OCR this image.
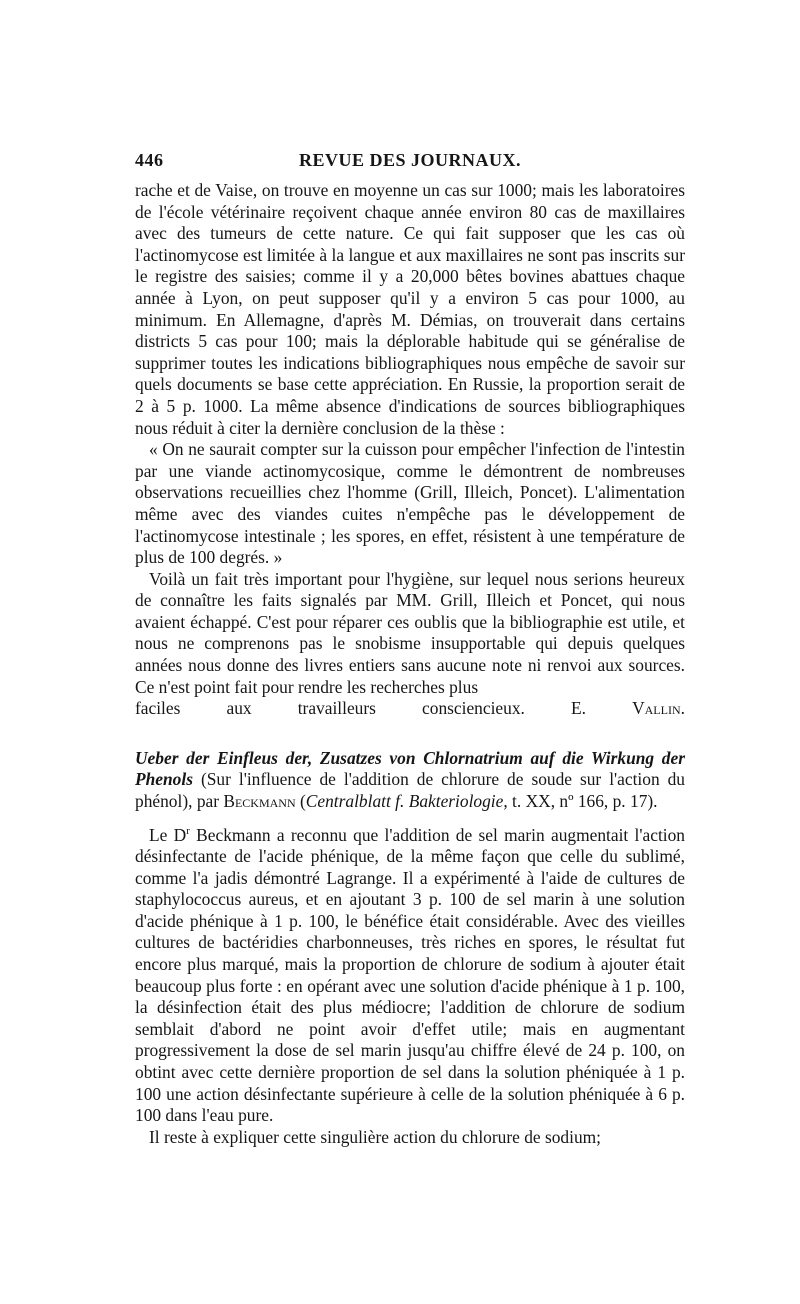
446	REVUE DES JOURNAUX.

rache et de Vaise, on trouve en moyenne un cas sur 1000; mais les laboratoires de l'école vétérinaire reçoivent chaque année environ 80 cas de maxillaires avec des tumeurs de cette nature. Ce qui fait supposer que les cas où l'actinomycose est limitée à la langue et aux maxillaires ne sont pas inscrits sur le registre des saisies; comme il y a 20,000 bêtes bovines abattues chaque année à Lyon, on peut supposer qu'il y a environ 5 cas pour 1000, au minimum. En Allemagne, d'après M. Démias, on trouverait dans certains districts 5 cas pour 100; mais la déplorable habitude qui se généralise de supprimer toutes les indications bibliographiques nous empêche de savoir sur quels documents se base cette appréciation. En Russie, la proportion serait de 2 à 5 p. 1000. La même absence d'indications de sources bibliographiques nous réduit à citer la dernière conclusion de la thèse :

« On ne saurait compter sur la cuisson pour empêcher l'infection de l'intestin par une viande actinomycosique, comme le démontrent de nombreuses observations recueillies chez l'homme (Grill, Illeich, Poncet). L'alimentation même avec des viandes cuites n'empêche pas le développement de l'actinomycose intestinale ; les spores, en effet, résistent à une température de plus de 100 degrés. »

Voilà un fait très important pour l'hygiène, sur lequel nous serions heureux de connaître les faits signalés par MM. Grill, Illeich et Poncet, qui nous avaient échappé. C'est pour réparer ces oublis que la bibliographie est utile, et nous ne comprenons pas le snobisme insupportable qui depuis quelques années nous donne des livres entiers sans aucune note ni renvoi aux sources. Ce n'est point fait pour rendre les recherches plus

faciles aux travailleurs consciencieux.	E.	Vallin.

Ueber der Einfleus der, Zusatzes von Chlornatrium auf die Wirkung der Phenols (Sur l'influence de l'addition de chlorure de soude sur l'action du phénol), par Beckmann (Centralblatt f. Bakteriologie, t. XX, nº 166, p. 17).

Le $D^r$ Beckmann a reconnu que l'addition de sel marin augmentait l'action désinfectante de l'acide phénique, de la même façon que celle du sublimé, comme l'a jadis démontré Lagrange. Il a expérimenté à l'aide de cultures de staphylococcus aureus, et en ajoutant 3 p. 100 de sel marin à une solution d'acide phénique à 1 p. 100, le bénéfice était considérable. Avec des vieilles cultures de bactéridies charbonneuses, très riches en spores, le résultat fut encore plus marqué, mais la proportion de chlorure de sodium à ajouter était beaucoup plus forte : en opérant avec une solution d'acide phénique à 1 p. 100, la désinfection était des plus médiocre; l'addition de chlorure de sodium semblait d'abord ne point avoir d'effet utile; mais en augmentant progressivement la dose de sel marin jusqu'au chiffre élevé de 24 p. 100, on obtint avec cette dernière proportion de sel dans la solution phéniquée à 1 p. 100 une action désinfectante supérieure à celle de la solution phéniquée à 6 p. 100 dans l'eau pure.

Il reste à expliquer cette singulière action du chlorure de sodium;
